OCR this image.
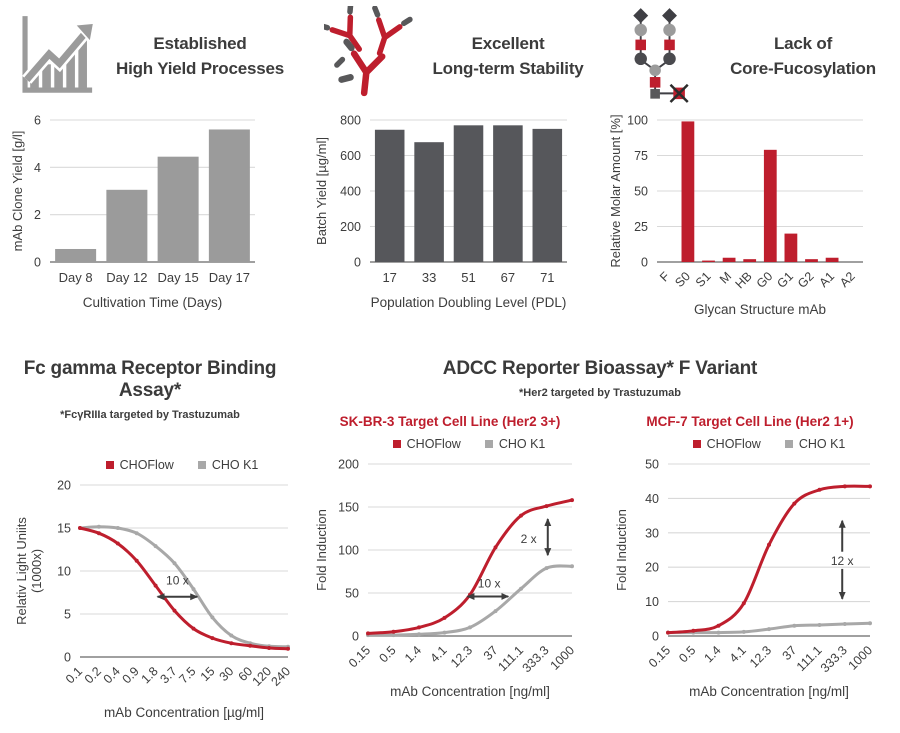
Established
High Yield Processes
0
2
4
6
Day 8 Day 12 Day 15 Day 17
Cultivation Time (Days)
mAb Clone Yield [g/l]
Excellent
Long-term Stability
0
200
400
600
800
17 33 51 67 71
Population Doubling Level (PDL)
Batch Yield [µg/ml]
Lack of
Core-Fucosylation
0
25
50
75
100
F S0 S1 M
HB
G0
G1
G2 A1 A2
Glycan Structure mAb
Relative Molar Amount [%]
Fc gamma Receptor Binding Assay*
*FcγRIIIa targeted by Trastuzumab
CHOFlow	CHO K1
0
5
10
15
20
0.1
0.2
0.4
0.9
1.8
3.7
7.5 15 30 60
120
240
mAb Concentration [µg/ml]
Relativ Light Uniits(1000x)	10 x
ADCC Reporter Bioassay* F Variant
*Her2 targeted by Trastuzumab
SK-BR-3 Target Cell Line (Her2 3+)
CHOFlow	CHO K1
0
50
100
150
200
0.15 0.5 1.4 4.1
12.3 37
111.1
333.3
1000
mAb Concentration [ng/ml]
Fold Induction	10 x
2 x
MCF-7 Target Cell Line (Her2 1+)
CHOFlow	CHO K1
0
10
20
30
40
50
0.15 0.5 1.4 4.1
12.3 37
111.1
333.3
1000
mAb Concentration [ng/ml]
Fold Induction	12 x
